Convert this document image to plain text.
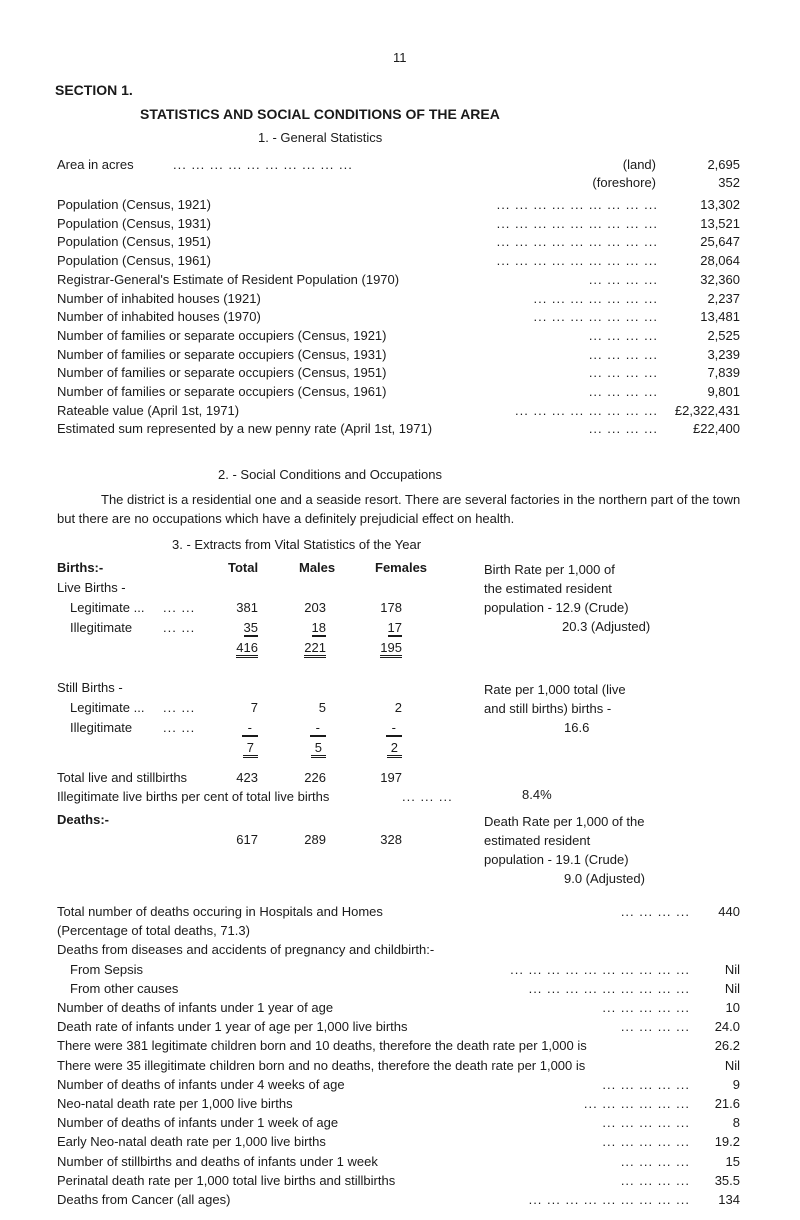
11
SECTION 1.
STATISTICS AND SOCIAL CONDITIONS OF THE AREA
1. - General Statistics
Area in acres	... ... ... ... ... ... ... ... ... ...	(land)	2,695
(foreshore)	352
Population (Census, 1921)	... ... ... ... ... ... ... ... ...	13,302
Population (Census, 1931)	... ... ... ... ... ... ... ... ...	13,521
Population (Census, 1951)	... ... ... ... ... ... ... ... ...	25,647
Population (Census, 1961)	... ... ... ... ... ... ... ... ...	28,064
Registrar-General's Estimate of Resident Population (1970)	... ... ... ...	32,360
Number of inhabited houses (1921)	... ... ... ... ... ... ...	2,237
Number of inhabited houses (1970)	... ... ... ... ... ... ...	13,481
Number of families or separate occupiers (Census, 1921)	... ... ... ...	2,525
Number of families or separate occupiers (Census, 1931)	... ... ... ...	3,239
Number of families or separate occupiers (Census, 1951)	... ... ... ...	7,839
Number of families or separate occupiers (Census, 1961)	... ... ... ...	9,801
Rateable value (April 1st, 1971)	... ... ... ... ... ... ... ...	£2,322,431
Estimated sum represented by a new penny rate (April 1st, 1971)	... ... ... ...	£22,400
2. - Social Conditions and Occupations
The district is a residential one and a seaside resort. There are several factories in the northern part of the town but there are no occupations which have a definitely prejudicial effect on health.
3. - Extracts from Vital Statistics of the Year
Births:-	Total	Males	Females
Live Births -
Legitimate ... ... ...	381	203	178
Illegitimate ... ...	35	18	17
416	221	195
Still Births -
Legitimate ... ... ...	7	5	2
Illegitimate ... ...	-	-	-
7	5	2
Total live and stillbirths	423	226	197
Illegitimate live births per cent of total live births	... ... ...	8.4%
Deaths:-
617	289	328
Birth Rate per 1,000 of
the estimated resident
population - 12.9 (Crude)
20.3 (Adjusted)
Rate per 1,000 total (live
and still births) births -
16.6
Death Rate per 1,000 of the
estimated resident
population - 19.1 (Crude)
9.0 (Adjusted)
Total number of deaths occuring in Hospitals and Homes	... ... ... ...	440
(Percentage of total deaths, 71.3)
Deaths from diseases and accidents of pregnancy and childbirth:-
From Sepsis	... ... ... ... ... ... ... ... ... ...	Nil
From other causes	... ... ... ... ... ... ... ... ...	Nil
Number of deaths of infants under 1 year of age	... ... ... ... ...	10
Death rate of infants under 1 year of age per 1,000 live births	... ... ... ...	24.0
There were 381 legitimate children born and 10 deaths, therefore the death rate per 1,000 is	26.2
There were 35 illegitimate children born and no deaths, therefore the death rate per 1,000 is	Nil
Number of deaths of infants under 4 weeks of age	... ... ... ... ...	9
Neo-natal death rate per 1,000 live births	... ... ... ... ... ...	21.6
Number of deaths of infants under 1 week of age	... ... ... ... ...	8
Early Neo-natal death rate per 1,000 live births	... ... ... ... ...	19.2
Number of stillbirths and deaths of infants under 1 week	... ... ... ...	15
Perinatal death rate per 1,000 total live births and stillbirths	... ... ... ...	35.5
Deaths from Cancer (all ages)	... ... ... ... ... ... ... ... ...	134
